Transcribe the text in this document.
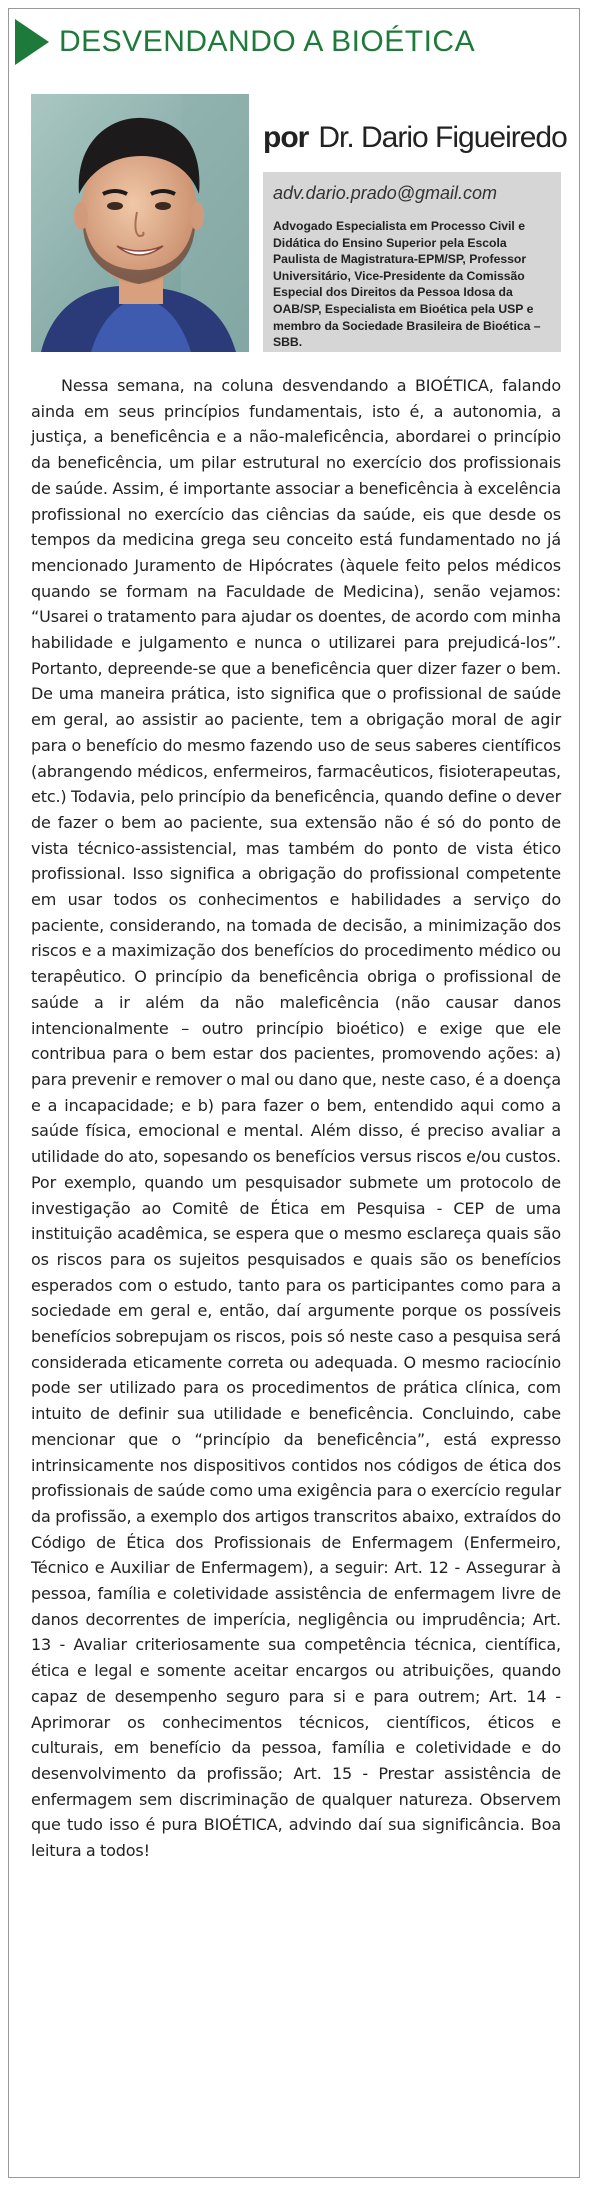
DESVENDANDO A BIOÉTICA
por Dr. Dario Figueiredo
adv.dario.prado@gmail.com
Advogado Especialista em Processo Civil e Didática do Ensino Superior pela Escola Paulista de Magistratura-EPM/SP, Professor Universitário, Vice-Presidente da Comissão Especial dos Direitos da Pessoa Idosa da OAB/SP, Especialista em Bioética pela USP e membro da Sociedade Brasileira de Bioética – SBB.
Nessa semana, na coluna desvendando a BIOÉTICA, falando ainda em seus princípios fundamentais, isto é, a autonomia, a justiça, a beneficência e a não-maleficência, abordarei o princípio da beneficência, um pilar estrutural no exercício dos profissionais de saúde. Assim, é importante associar a beneficência à excelência profissional no exercício das ciências da saúde, eis que desde os tempos da medicina grega seu conceito está fundamentado no já mencionado Juramento de Hipócrates (àquele feito pelos médicos quando se formam na Faculdade de Medicina), senão vejamos: “Usarei o tratamento para ajudar os doentes, de acordo com minha habilidade e julgamento e nunca o utilizarei para prejudicá-los”. Portanto, depreende-se que a beneficência quer dizer fazer o bem. De uma maneira prática, isto significa que o profissional de saúde em geral, ao assistir ao paciente, tem a obrigação moral de agir para o benefício do mesmo fazendo uso de seus saberes científicos (abrangendo médicos, enfermeiros, farmacêuticos, fisioterapeutas, etc.) Todavia, pelo princípio da beneficência, quando define o dever de fazer o bem ao paciente, sua extensão não é só do ponto de vista técnico-assistencial, mas também do ponto de vista ético profissional. Isso significa a obrigação do profissional competente em usar todos os conhecimentos e habilidades a serviço do paciente, considerando, na tomada de decisão, a minimização dos riscos e a maximização dos benefícios do procedimento médico ou terapêutico. O princípio da beneficência obriga o profissional de saúde a ir além da não maleficência (não causar danos intencionalmente – outro princípio bioético) e exige que ele contribua para o bem estar dos pacientes, promovendo ações: a) para prevenir e remover o mal ou dano que, neste caso, é a doença e a incapacidade; e b) para fazer o bem, entendido aqui como a saúde física, emocional e mental. Além disso, é preciso avaliar a utilidade do ato, sopesando os benefícios versus riscos e/ou custos. Por exemplo, quando um pesquisador submete um protocolo de investigação ao Comitê de Ética em Pesquisa - CEP de uma instituição acadêmica, se espera que o mesmo esclareça quais são os riscos para os sujeitos pesquisados e quais são os benefícios esperados com o estudo, tanto para os participantes como para a sociedade em geral e, então, daí argumente porque os possíveis benefícios sobrepujam os riscos, pois só neste caso a pesquisa será considerada eticamente correta ou adequada. O mesmo raciocínio pode ser utilizado para os procedimentos de prática clínica, com intuito de definir sua utilidade e beneficência. Concluindo, cabe mencionar que o “princípio da beneficência”, está expresso intrinsicamente nos dispositivos contidos nos códigos de ética dos profissionais de saúde como uma exigência para o exercício regular da profissão, a exemplo dos artigos transcritos abaixo, extraídos do Código de Ética dos Profissionais de Enfermagem (Enfermeiro, Técnico e Auxiliar de Enfermagem), a seguir: Art. 12 - Assegurar à pessoa, família e coletividade assistência de enfermagem livre de danos decorrentes de imperícia, negligência ou imprudência; Art. 13 - Avaliar criteriosamente sua competência técnica, científica, ética e legal e somente aceitar encargos ou atribuições, quando capaz de desempenho seguro para si e para outrem; Art. 14 - Aprimorar os conhecimentos técnicos, científicos, éticos e culturais, em benefício da pessoa, família e coletividade e do desenvolvimento da profissão; Art. 15 - Prestar assistência de enfermagem sem discriminação de qualquer natureza. Observem que tudo isso é pura BIOÉTICA, advindo daí sua significância. Boa leitura a todos!
